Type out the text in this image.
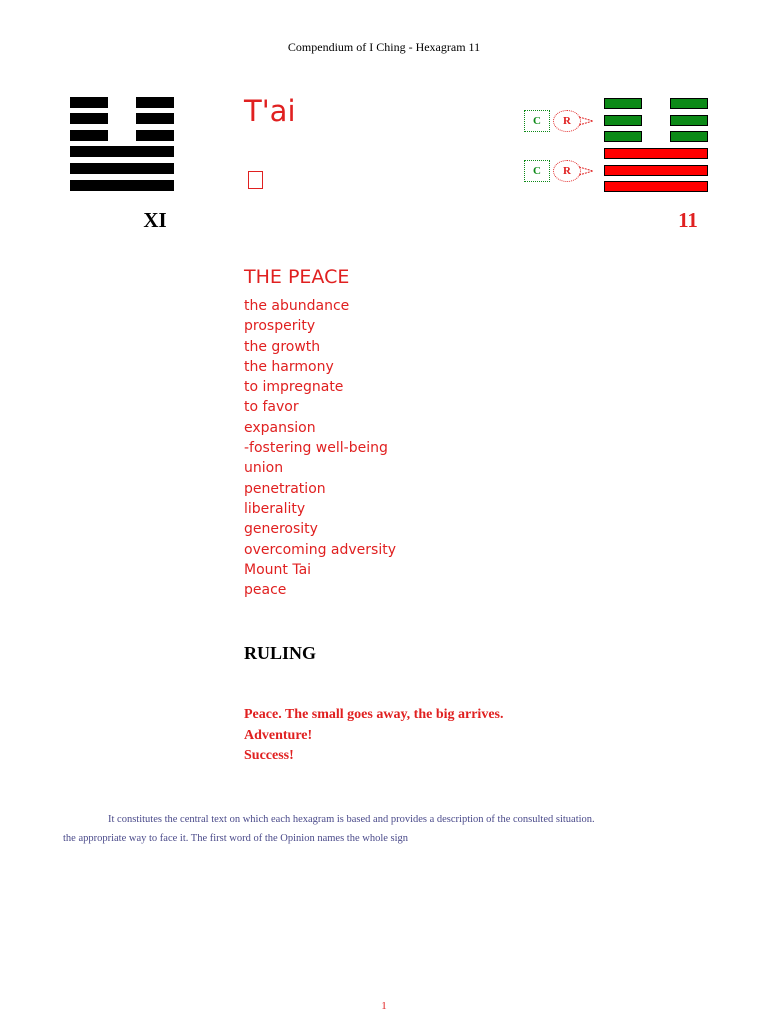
Compendium of I Ching - Hexagram 11
XI
T'ai	C	R
C	R
11
THE PEACE
the abundance
prosperity
the growth
the harmony
to impregnate
to favor
expansion
-fostering well-being
union
penetration
liberality
generosity
overcoming adversity
Mount Tai
peace
RULING
Peace. The small goes away, the big arrives.
Adventure!
Success!
It constitutes the central text on which each hexagram is based and provides a description of the consulted situation.
the appropriate way to face it. The first word of the Opinion names the whole sign
1
